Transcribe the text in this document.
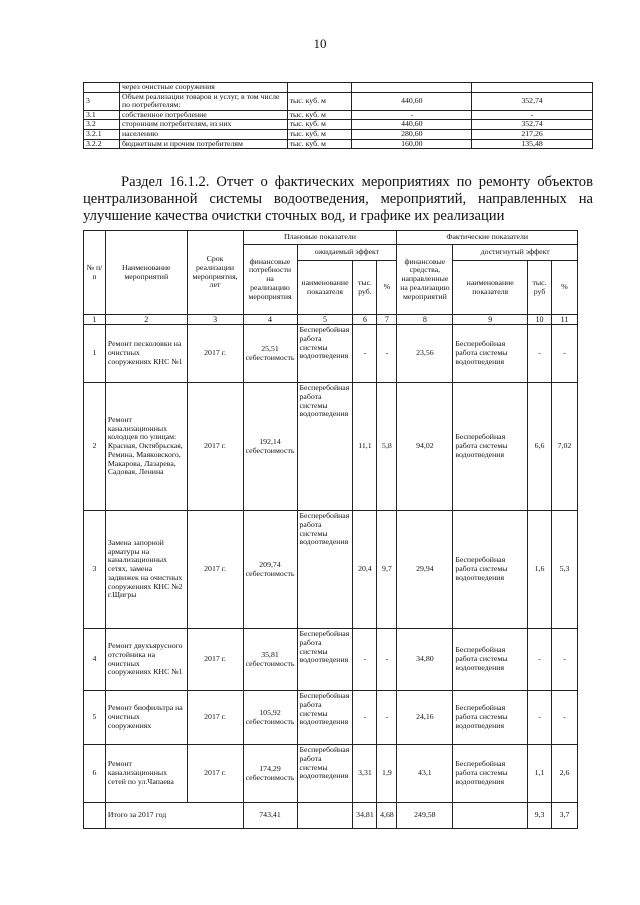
10
	через очистные сооружения			
3	Объем реализации товаров и услуг, в том числе по потребителям:	тыс. куб. м	440,60	352,74
3.1	собственное потребление	тыс. куб. м	-	-
3.2	сторонним потребителям, из них	тыс. куб. м	440,60	352,74
3.2.1	населению	тыс. куб. м	280,60	217,26
3.2.2	бюджетным и прочим потребителям	тыс. куб. м	160,00	135,48
Раздел 16.1.2. Отчет о фактических мероприятиях по ремонту объектов централизованной системы водоотведения, мероприятий, направленных на улучшение качества очистки сточных вод, и графике их реализации
№ п/ п	Наименование мероприятий	Срок реализации мероприятия, лет	Плановые показатели				Фактические показатели			
			финансовые потребности на реализацию мероприятия	ожидаемый эффект			финансовые средства, направленные на реализацию мероприятий	достигнутый эффект		
				наименование показателя	тыс. руб.	%		наименование показателя	тыс. руб	%
1	2	3	4	5	6	7	8	9	10	11
1	Ремонт песколовки на очистных сооружениях КНС №1	2017 г.	25,51 себестоимость	Бесперебойная работа системы водоотведения	-	-	23,56	Бесперебойная работа системы водоотведения	-	-
2	Ремонт канализационных колодцев по улицам: Красная, Октябрьская, Ремина, Маяковского, Макарова, Лазарева, Садовая, Ленина	2017 г.	192,14 себестоимость	Бесперебойная работа системы водоотведения	11,1	5,8	94,02	Бесперебойная работа системы водоотведения	6,6	7,02
3	Замена запорной арматуры на канализационных сетях, замена задвижек на очистных сооружениях КНС №2 г.Щигры	2017 г.	209,74 себестоимость	Бесперебойная работа системы водоотведения	20,4	9,7	29,94	Бесперебойная работа системы водоотведения	1,6	5,3
4	Ремонт двухъярусного отстойника на очистных сооружениях КНС №1	2017 г.	35,81 себестоимость	Бесперебойная работа системы водоотведения	-	-	34,80	Бесперебойная работа системы водоотведения	-	-
5	Ремонт биофильтра на очистных сооружениях	2017 г.	105,92 себестоимость	Бесперебойная работа системы водоотведения	-	-	24,16	Бесперебойная работа системы водоотведения	-	-
6	Ремонт канализационных сетей по ул.Чапаева	2017 г.	174,29 себестоимость	Бесперебойная работа системы водоотведения	3,31	1,9	43,1	Бесперебойная работа системы водоотведения	1,1	2,6
	Итого за 2017 год		743,41		34,81	4,68	249,58		9,3	3,7
